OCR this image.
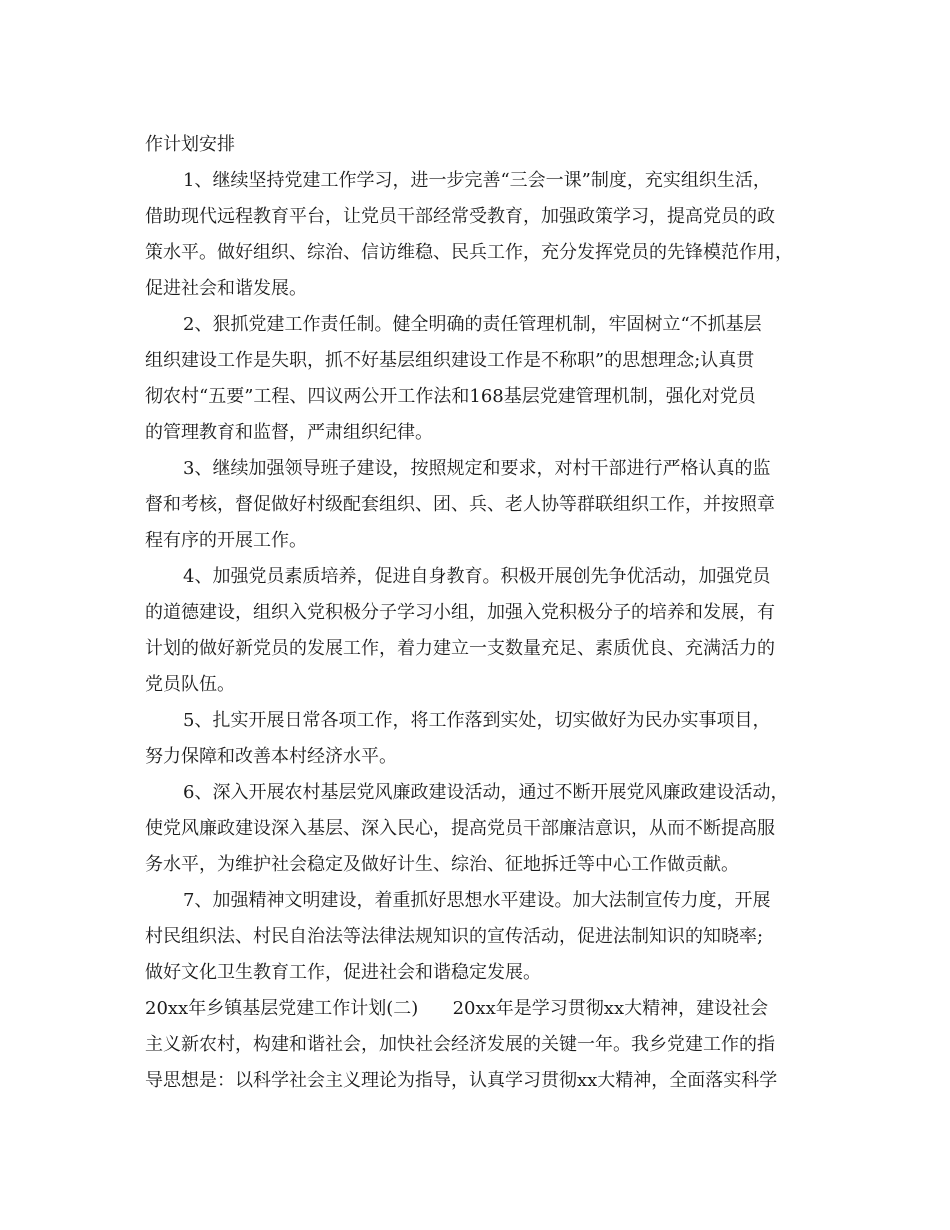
作计划安排

1、继续坚持党建工作学习，进一步完善“三会一课”制度，充实组织生活，

借助现代远程教育平台，让党员干部经常受教育，加强政策学习，提高党员的政

策水平。做好组织、综治、信访维稳、民兵工作，充分发挥党员的先锋模范作用，

促进社会和谐发展。

2、狠抓党建工作责任制。健全明确的责任管理机制，牢固树立“不抓基层

组织建设工作是失职，抓不好基层组织建设工作是不称职”的思想理念;认真贯

彻农村“五要”工程、四议两公开工作法和168基层党建管理机制，强化对党员

的管理教育和监督，严肃组织纪律。

3、继续加强领导班子建设，按照规定和要求，对村干部进行严格认真的监

督和考核，督促做好村级配套组织、团、兵、老人协等群联组织工作，并按照章

程有序的开展工作。

4、加强党员素质培养，促进自身教育。积极开展创先争优活动，加强党员

的道德建设，组织入党积极分子学习小组，加强入党积极分子的培养和发展，有

计划的做好新党员的发展工作，着力建立一支数量充足、素质优良、充满活力的

党员队伍。

5、扎实开展日常各项工作，将工作落到实处，切实做好为民办实事项目，

努力保障和改善本村经济水平。

6、深入开展农村基层党风廉政建设活动，通过不断开展党风廉政建设活动，

使党风廉政建设深入基层、深入民心，提高党员干部廉洁意识，从而不断提高服

务水平，为维护社会稳定及做好计生、综治、征地拆迁等中心工作做贡献。

7、加强精神文明建设，着重抓好思想水平建设。加大法制宣传力度，开展

村民组织法、村民自治法等法律法规知识的宣传活动，促进法制知识的知晓率;

做好文化卫生教育工作，促进社会和谐稳定发展。

20xx年乡镇基层党建工作计划(二)      20xx年是学习贯彻xx大精神，建设社会

主义新农村，构建和谐社会，加快社会经济发展的关键一年。我乡党建工作的指

导思想是：以科学社会主义理论为指导，认真学习贯彻xx大精神，全面落实科学
